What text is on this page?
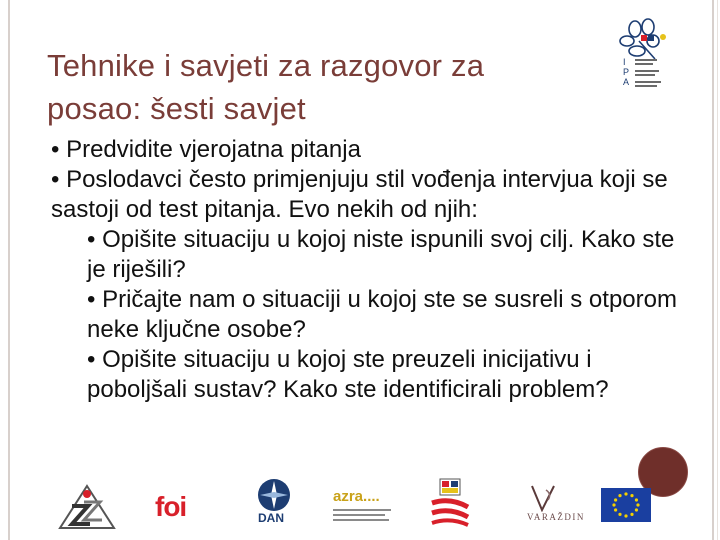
I
P
A
Tehnike i savjeti za razgovor za
posao: šesti savjet

• Predvidite vjerojatna pitanja

• Poslodavci često primjenjuju stil vođenja intervjua koji se sastoji od test pitanja. Evo nekih od njih:

• Opišite situaciju u kojoj niste ispunili svoj cilj. Kako ste je riješili?

• Pričajte nam o situaciji u kojoj ste se susreli s otporom neke ključne osobe?

• Opišite situaciju u kojoj ste preuzeli inicijativu i poboljšali sustav? Kako ste identificirali problem?

foi	DAN
azra....
VARAŽDIN
